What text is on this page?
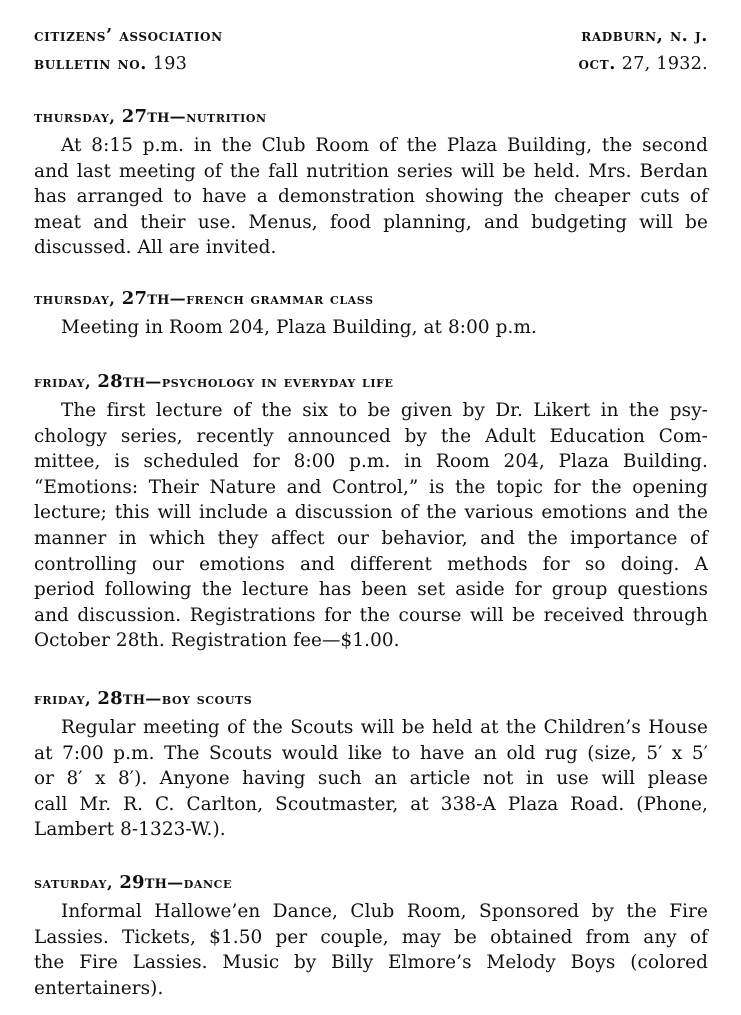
citizens’ association
bulletin no. 193
radburn, n. j.
oct. 27, 1932.
thursday, 27th—nutrition
At 8:15 p.m. in the Club Room of the Plaza Building, the second
and last meeting of the fall nutrition series will be held. Mrs. Berdan
has arranged to have a demonstration showing the cheaper cuts of
meat and their use. Menus, food planning, and budgeting will be
discussed. All are invited.
thursday, 27th—french grammar class
Meeting in Room 204, Plaza Building, at 8:00 p.m.
friday, 28th—psychology in everyday life
The first lecture of the six to be given by Dr. Likert in the psy-
chology series, recently announced by the Adult Education Com-
mittee, is scheduled for 8:00 p.m. in Room 204, Plaza Building.
“Emotions: Their Nature and Control,” is the topic for the opening
lecture; this will include a discussion of the various emotions and the
manner in which they affect our behavior, and the importance of
controlling our emotions and different methods for so doing. A
period following the lecture has been set aside for group questions
and discussion. Registrations for the course will be received through
October 28th. Registration fee—$1.00.
friday, 28th—boy scouts
Regular meeting of the Scouts will be held at the Children’s House
at 7:00 p.m. The Scouts would like to have an old rug (size, 5′ x 5′
or 8′ x 8′). Anyone having such an article not in use will please
call Mr. R. C. Carlton, Scoutmaster, at 338-A Plaza Road. (Phone,
Lambert 8-1323-W.).
saturday, 29th—dance
Informal Hallowe’en Dance, Club Room, Sponsored by the Fire
Lassies. Tickets, $1.50 per couple, may be obtained from any of
the Fire Lassies. Music by Billy Elmore’s Melody Boys (colored
entertainers).
